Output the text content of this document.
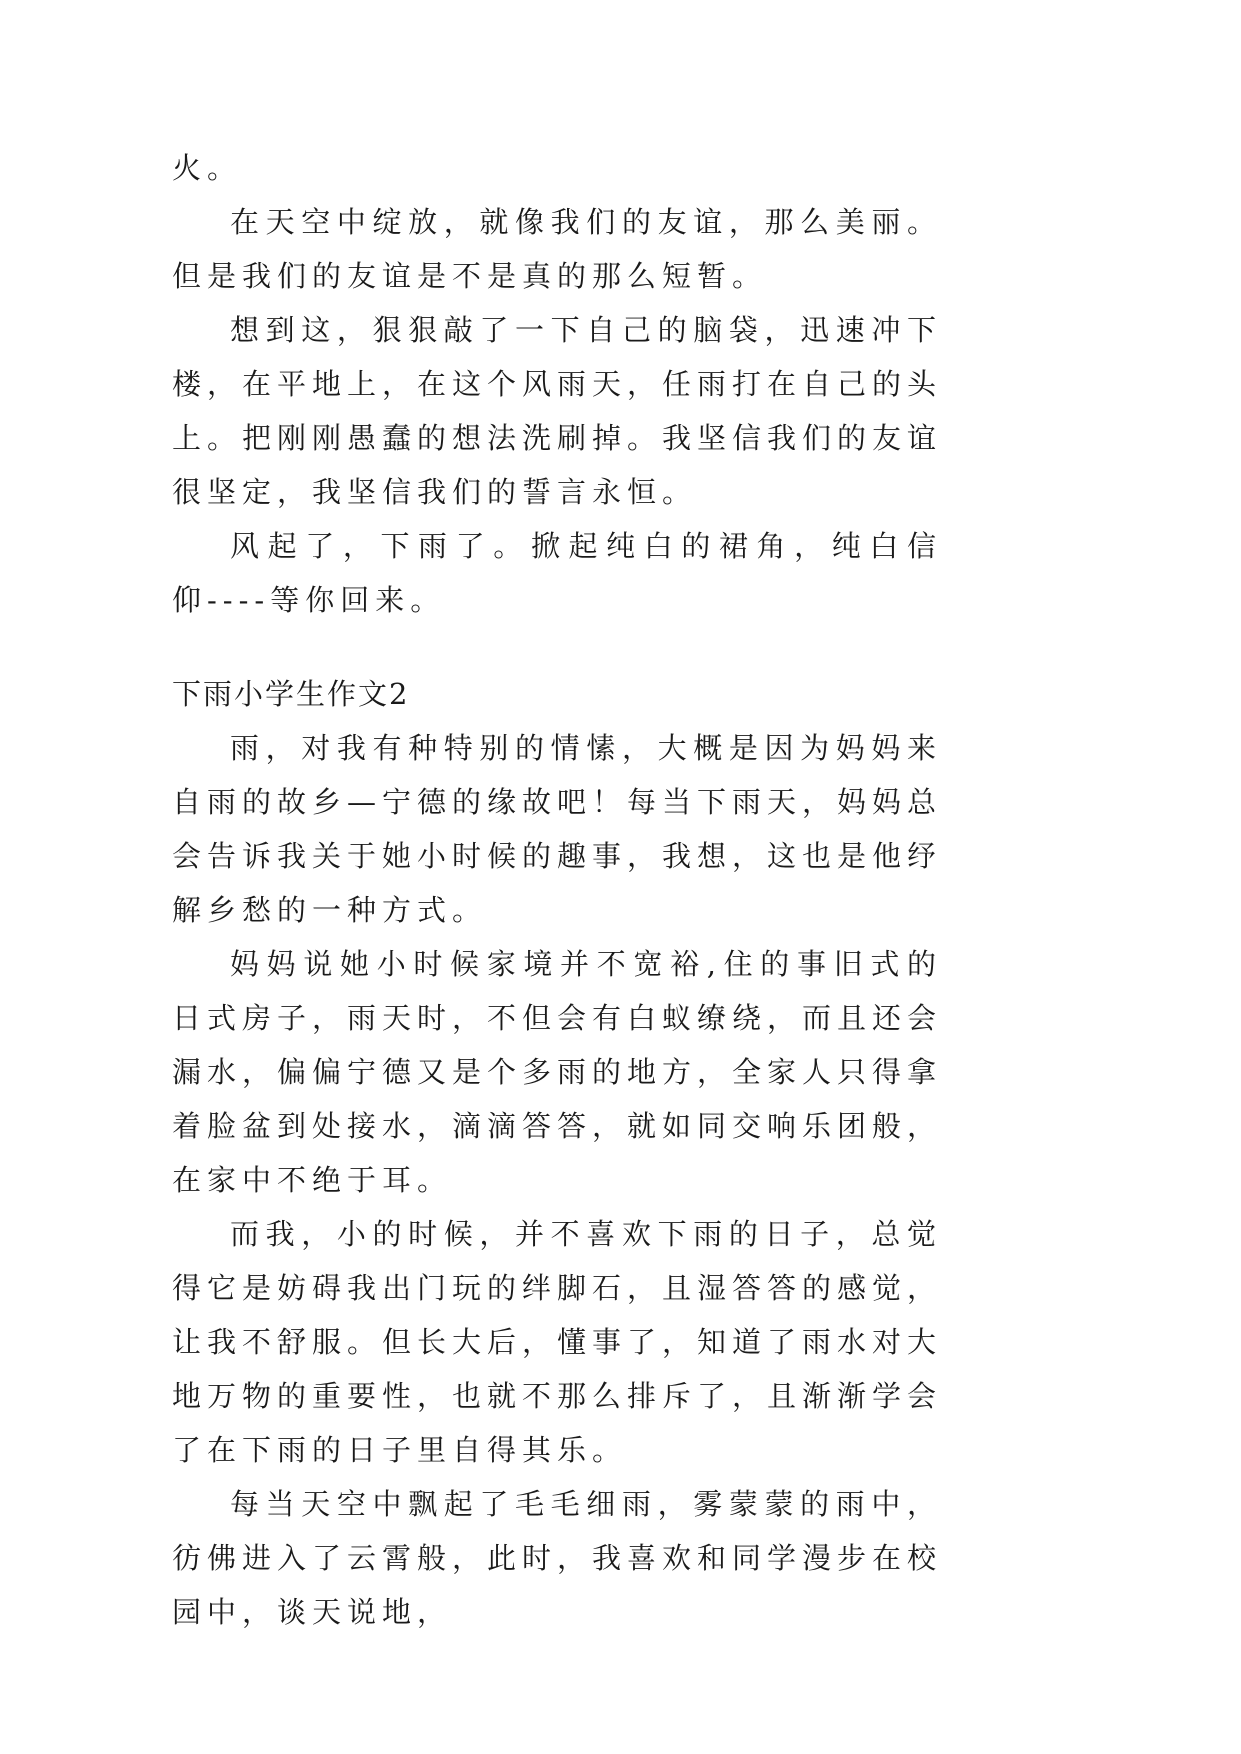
火。

在天空中绽放，就像我们的友谊，那么美丽。但是我们的友谊是不是真的那么短暂。

想到这，狠狠敲了一下自己的脑袋，迅速冲下楼，在平地上，在这个风雨天，任雨打在自己的头上。把刚刚愚蠢的想法洗刷掉。我坚信我们的友谊很坚定，我坚信我们的誓言永恒。

风起了，下雨了。掀起纯白的裙角，纯白信仰----等你回来。

下雨小学生作文2

雨，对我有种特别的情愫，大概是因为妈妈来自雨的故乡—宁德的缘故吧！每当下雨天，妈妈总会告诉我关于她小时候的趣事，我想，这也是他纾解乡愁的一种方式。

妈妈说她小时候家境并不宽裕,住的事旧式的日式房子，雨天时，不但会有白蚁缭绕，而且还会漏水，偏偏宁德又是个多雨的地方，全家人只得拿着脸盆到处接水，滴滴答答，就如同交响乐团般，在家中不绝于耳。

而我，小的时候，并不喜欢下雨的日子，总觉得它是妨碍我出门玩的绊脚石，且湿答答的感觉，让我不舒服。但长大后，懂事了，知道了雨水对大地万物的重要性，也就不那么排斥了，且渐渐学会了在下雨的日子里自得其乐。

每当天空中飘起了毛毛细雨，雾蒙蒙的雨中，彷佛进入了云霄般，此时，我喜欢和同学漫步在校园中，谈天说地，
